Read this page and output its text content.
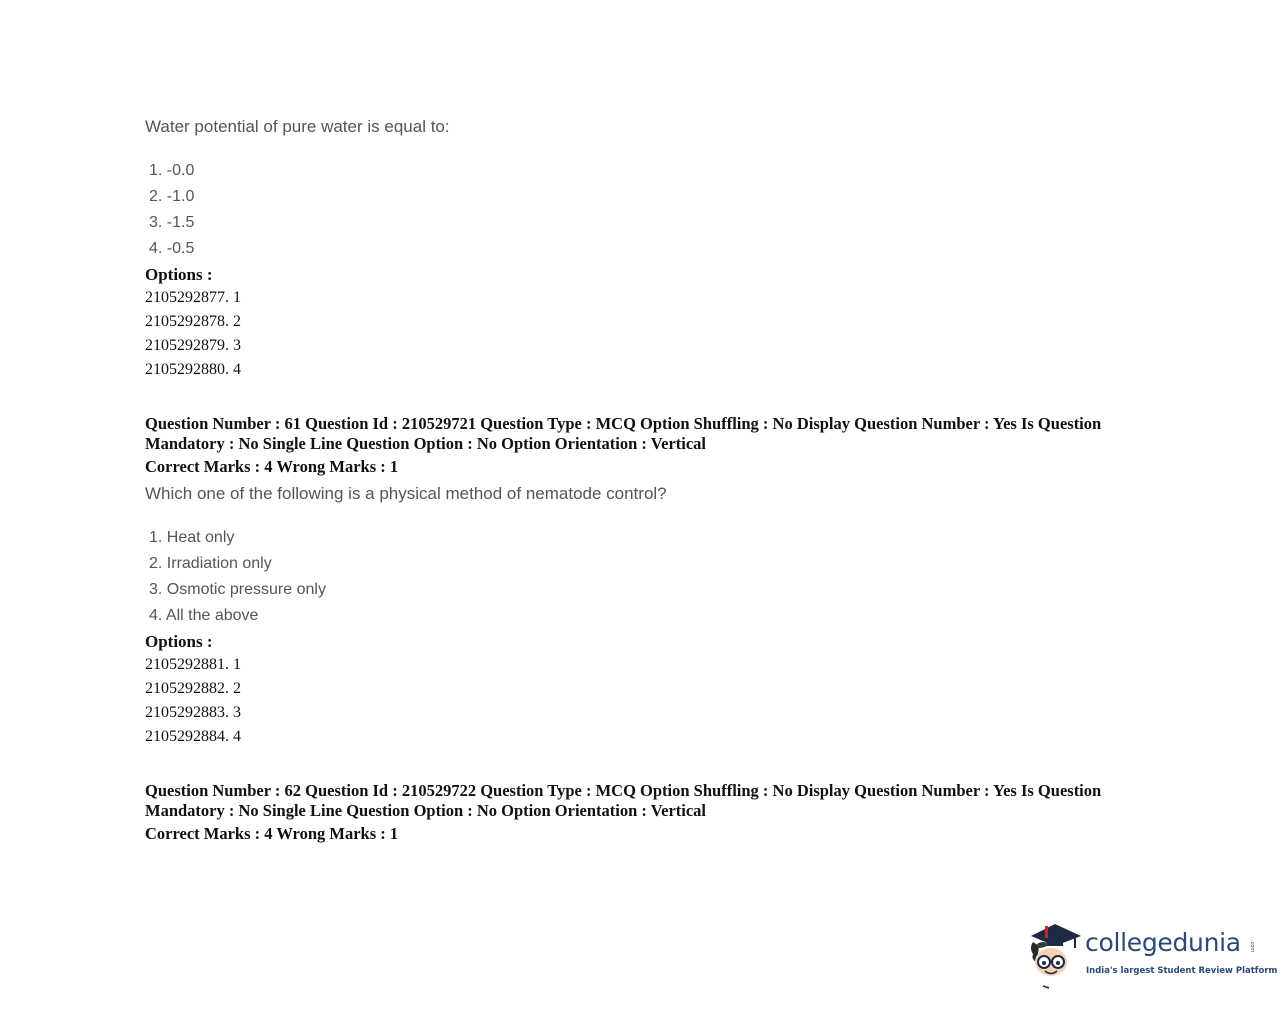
Water potential of pure water is equal to:
1. -0.0
2. -1.0
3. -1.5
4. -0.5
Options :
2105292877. 1
2105292878. 2
2105292879. 3
2105292880. 4
Question Number : 61 Question Id : 210529721 Question Type : MCQ Option Shuffling : No Display Question Number : Yes Is Question Mandatory : No Single Line Question Option : No Option Orientation : Vertical
Correct Marks : 4 Wrong Marks : 1
Which one of the following is a physical method of nematode control?
1. Heat only
2. Irradiation only
3. Osmotic pressure only
4. All the above
Options :
2105292881. 1
2105292882. 2
2105292883. 3
2105292884. 4
Question Number : 62 Question Id : 210529722 Question Type : MCQ Option Shuffling : No Display Question Number : Yes Is Question Mandatory : No Single Line Question Option : No Option Orientation : Vertical
Correct Marks : 4 Wrong Marks : 1
collegedunia .com
India's largest Student Review Platform
